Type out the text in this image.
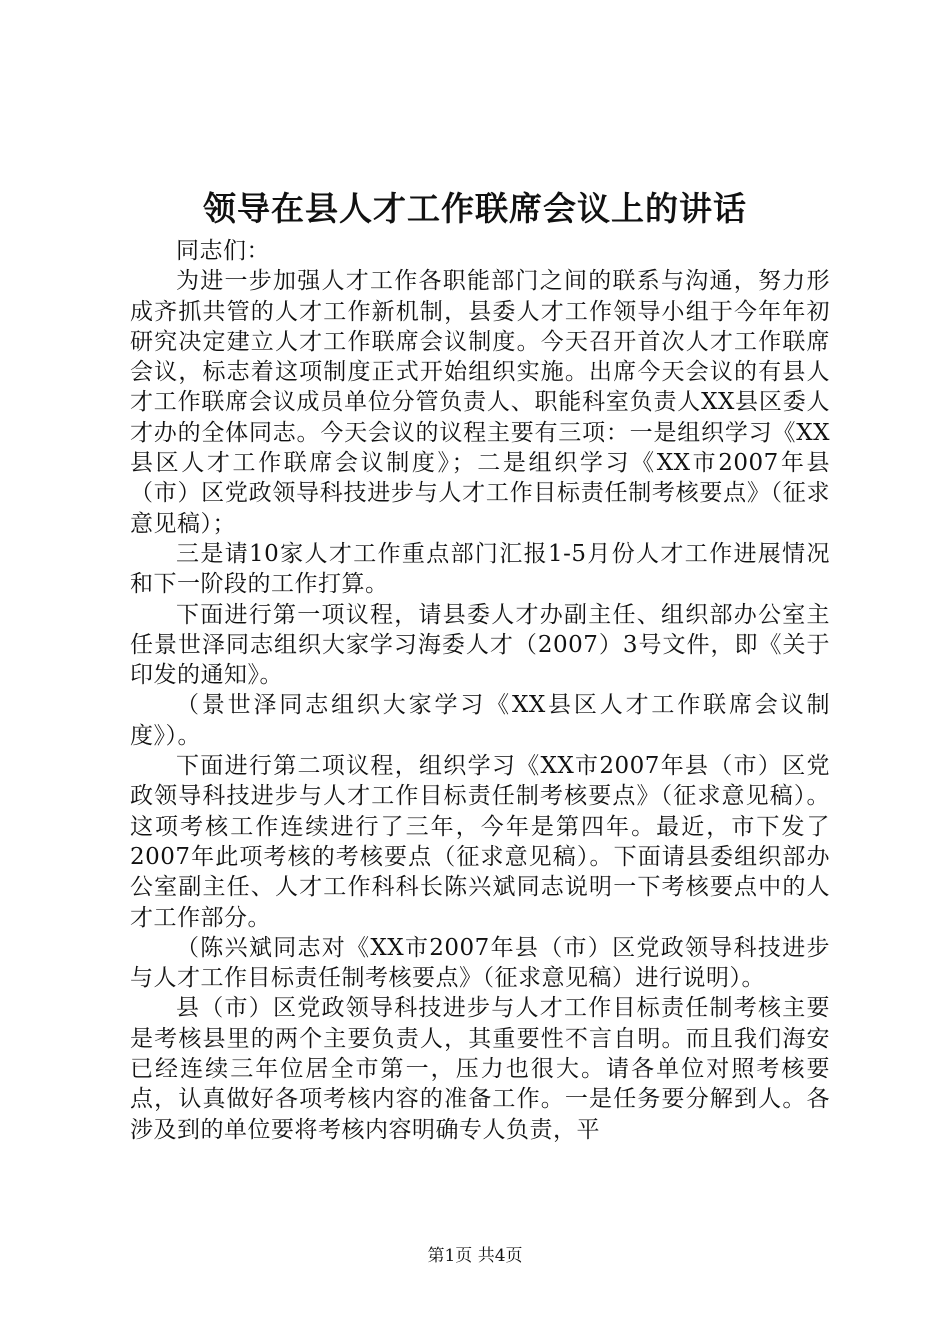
领导在县人才工作联席会议上的讲话

同志们：

为进一步加强人才工作各职能部门之间的联系与沟通，努力形成齐抓共管的人才工作新机制，县委人才工作领导小组于今年年初研究决定建立人才工作联席会议制度。今天召开首次人才工作联席会议，标志着这项制度正式开始组织实施。出席今天会议的有县人才工作联席会议成员单位分管负责人、职能科室负责人XX县区委人才办的全体同志。今天会议的议程主要有三项：一是组织学习《XX县区人才工作联席会议制度》；二是组织学习《XX市2007年县（市）区党政领导科技进步与人才工作目标责任制考核要点》（征求意见稿）；

三是请10家人才工作重点部门汇报1-5月份人才工作进展情况和下一阶段的工作打算。

下面进行第一项议程，请县委人才办副主任、组织部办公室主任景世泽同志组织大家学习海委人才（2007）3号文件，即《关于印发的通知》。

（景世泽同志组织大家学习《XX县区人才工作联席会议制度》）。

下面进行第二项议程，组织学习《XX市2007年县（市）区党政领导科技进步与人才工作目标责任制考核要点》（征求意见稿）。这项考核工作连续进行了三年，今年是第四年。最近，市下发了2007年此项考核的考核要点（征求意见稿）。下面请县委组织部办公室副主任、人才工作科科长陈兴斌同志说明一下考核要点中的人才工作部分。

（陈兴斌同志对《XX市2007年县（市）区党政领导科技进步与人才工作目标责任制考核要点》（征求意见稿）进行说明）。

县（市）区党政领导科技进步与人才工作目标责任制考核主要是考核县里的两个主要负责人，其重要性不言自明。而且我们海安已经连续三年位居全市第一，压力也很大。请各单位对照考核要点，认真做好各项考核内容的准备工作。一是任务要分解到人。各涉及到的单位要将考核内容明确专人负责，平

第1页 共4页
